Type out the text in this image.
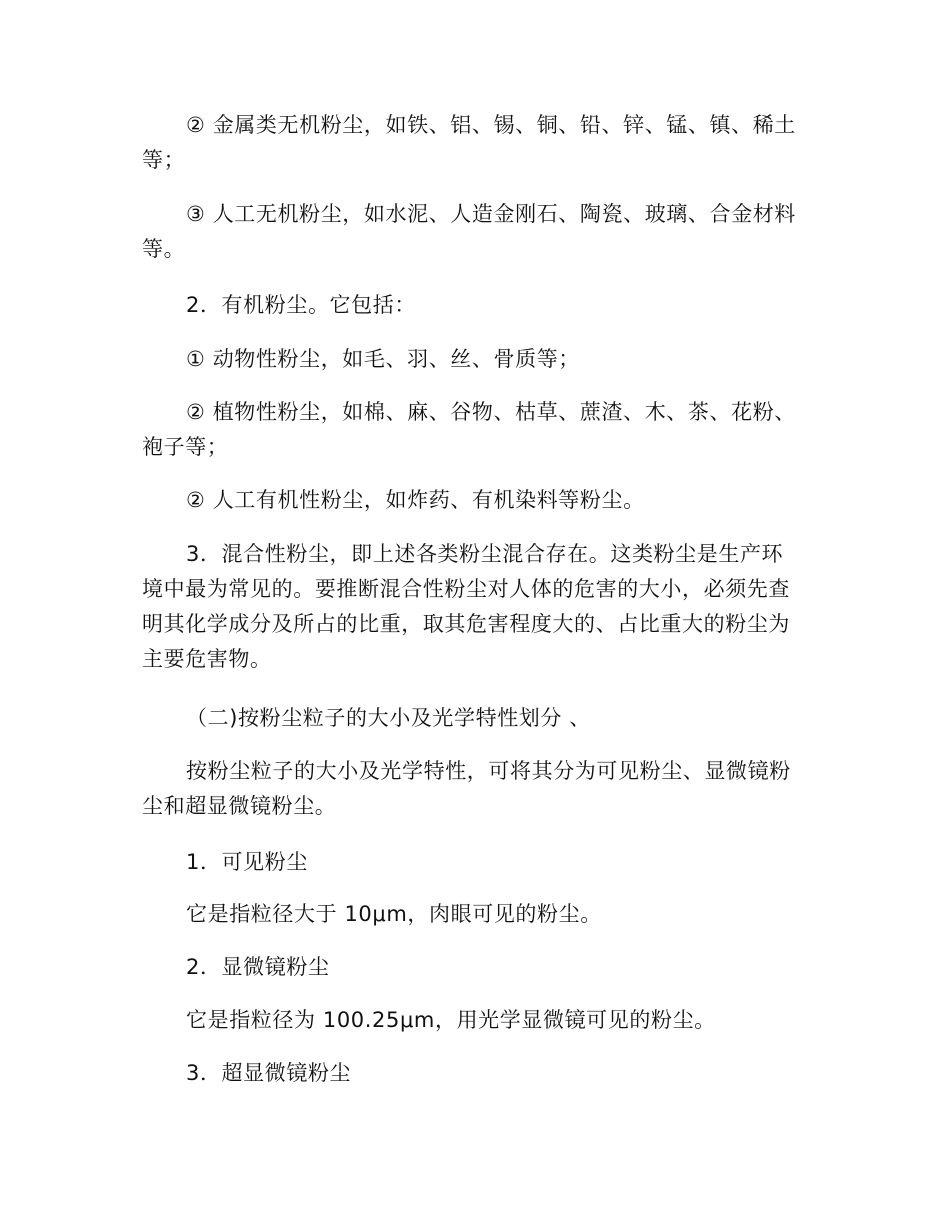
② 金属类无机粉尘，如铁、铝、锡、铜、铅、锌、锰、镇、稀土等；

③ 人工无机粉尘，如水泥、人造金刚石、陶瓷、玻璃、合金材料等。

2．有机粉尘。它包括：

① 动物性粉尘，如毛、羽、丝、骨质等；

② 植物性粉尘，如棉、麻、谷物、枯草、蔗渣、木、茶、花粉、袍子等；

② 人工有机性粉尘，如炸药、有机染料等粉尘。

3．混合性粉尘，即上述各类粉尘混合存在。这类粉尘是生产环境中最为常见的。要推断混合性粉尘对人体的危害的大小，必须先查明其化学成分及所占的比重，取其危害程度大的、占比重大的粉尘为主要危害物。

（二)按粉尘粒子的大小及光学特性划分 、

按粉尘粒子的大小及光学特性，可将其分为可见粉尘、显微镜粉尘和超显微镜粉尘。

1．可见粉尘

它是指粒径大于 10μm，肉眼可见的粉尘。

2．显微镜粉尘

它是指粒径为 100.25μm，用光学显微镜可见的粉尘。

3．超显微镜粉尘
